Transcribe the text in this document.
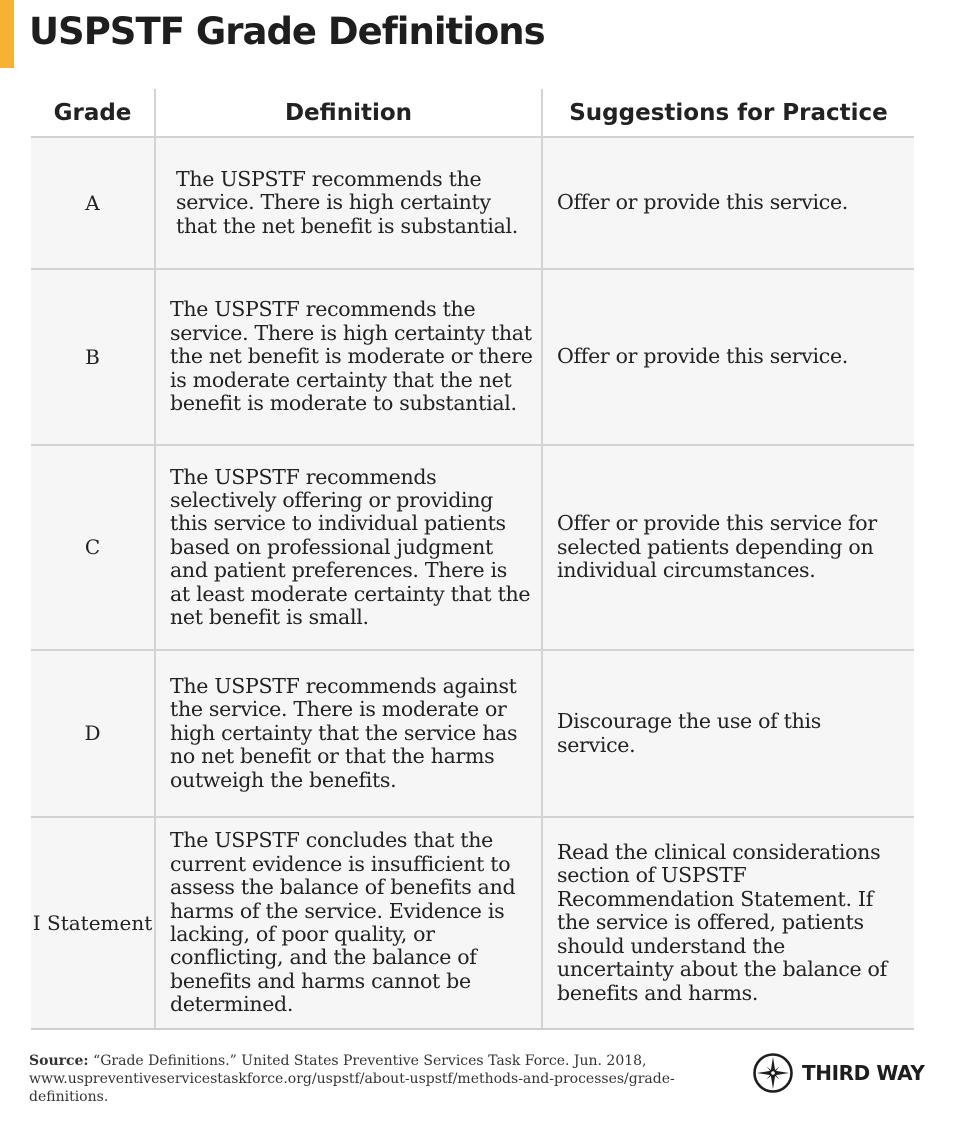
USPSTF Grade Definitions
Grade	Definition	Suggestions for Practice
A	The USPSTF recommends the service. There is high certainty that the net benefit is substantial.	Offer or provide this service.
B	The USPSTF recommends the service. There is high certainty that the net benefit is moderate or there is moderate certainty that the net benefit is moderate to substantial.	Offer or provide this service.
C	The USPSTF recommends selectively offering or providing this service to individual patients based on professional judgment and patient preferences. There is at least moderate certainty that the net benefit is small.	Offer or provide this service for selected patients depending on individual circumstances.
D	The USPSTF recommends against the service. There is moderate or high certainty that the service has no net benefit or that the harms outweigh the benefits.	Discourage the use of this service.
I Statement	The USPSTF concludes that the current evidence is insufficient to assess the balance of benefits and harms of the service. Evidence is lacking, of poor quality, or conflicting, and the balance of benefits and harms cannot be determined.	Read the clinical considerations section of USPSTF Recommendation Statement. If the service is offered, patients should understand the uncertainty about the balance of benefits and harms.
Source: “Grade Definitions.” United States Preventive Services Task Force. Jun. 2018, www.uspreventiveservicestaskforce.org/uspstf/about-uspstf/methods-and-processes/grade-definitions.
THIRD WAY
